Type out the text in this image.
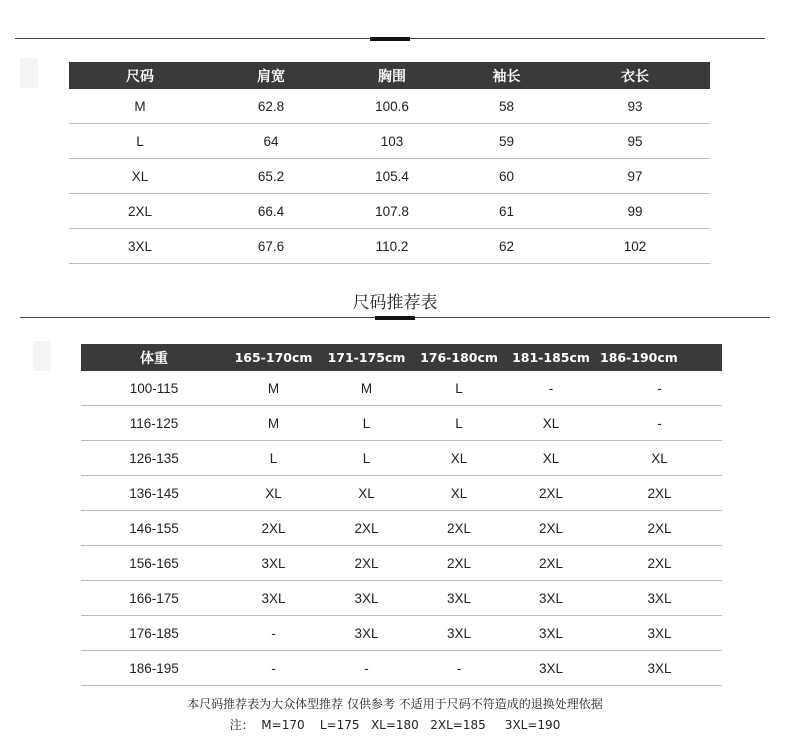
尺码	肩宽	胸围	袖长	衣长
M	62.8	100.6	58	93
L	64	103	59	95
XL	65.2	105.4	60	97
2XL	66.4	107.8	61	99
3XL	67.6	110.2	62	102
尺码推荐表
体重	165-170cm	171-175cm	176-180cm	181-185cm	186-190cm
100-115	M	M	L	-	-
116-125	M	L	L	XL	-
126-135	L	L	XL	XL	XL
136-145	XL	XL	XL	2XL	2XL
146-155	2XL	2XL	2XL	2XL	2XL
156-165	3XL	2XL	2XL	2XL	2XL
166-175	3XL	3XL	3XL	3XL	3XL
176-185	-	3XL	3XL	3XL	3XL
186-195	-	-	-	3XL	3XL
本尺码推荐表为大众体型推荐 仅供参考 不适用于尺码不符造成的退换处理依据
注：  M=170    L=175   XL=180   2XL=185     3XL=190
